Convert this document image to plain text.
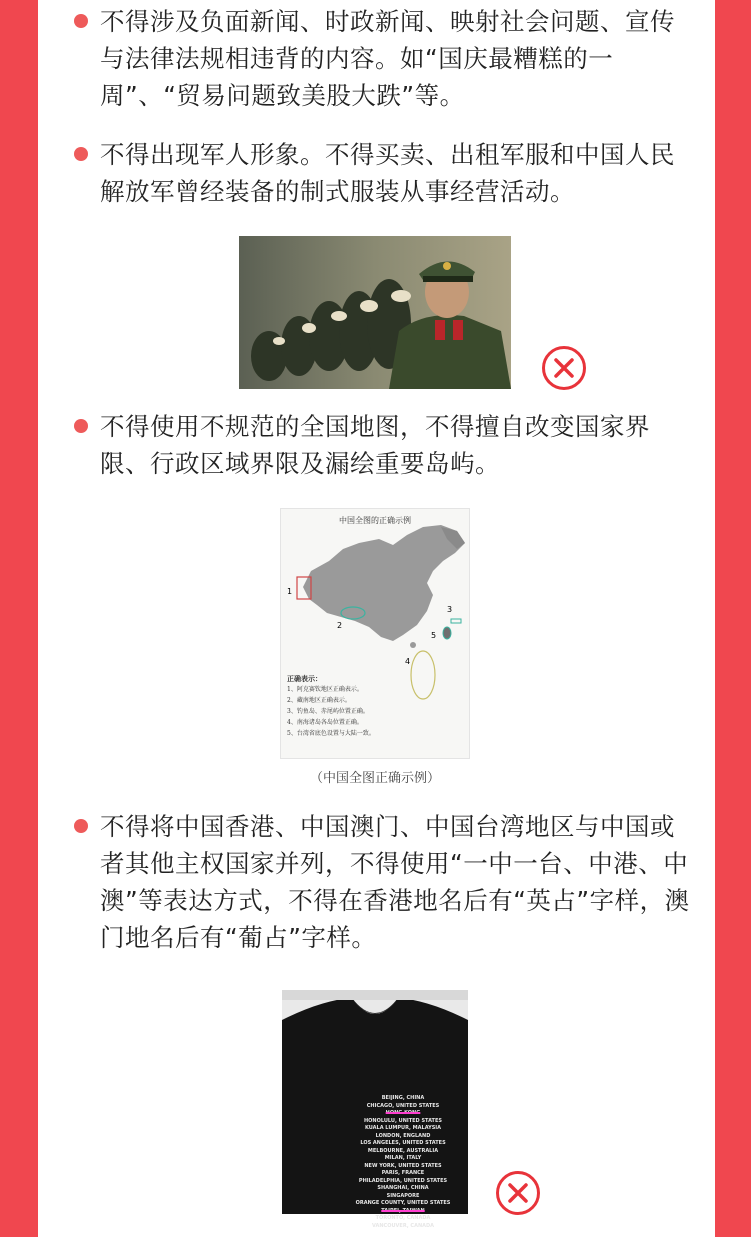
不得涉及负面新闻、时政新闻、映射社会问题、宣传与法律法规相违背的内容。如“国庆最糟糕的一周”、“贸易问题致美股大跌”等。
不得出现军人形象。不得买卖、出租军服和中国人民解放军曾经装备的制式服装从事经营活动。
不得使用不规范的全国地图，不得擅自改变国家界限、行政区域界限及漏绘重要岛屿。
中国全图的正确示例
1
2
3
4
5
正确表示：
1、阿克赛钦地区正确表示。
2、藏南地区正确表示。
3、钓鱼岛、赤尾屿位置正确。
4、南海诸岛各岛位置正确。
5、台湾省底色设置与大陆一致。
（中国全图正确示例）
不得将中国香港、中国澳门、中国台湾地区与中国或者其他主权国家并列，不得使用“一中一台、中港、中澳”等表达方式，不得在香港地名后有“英占”字样，澳门地名后有“葡占”字样。
BEIJING, CHINA
CHICAGO, UNITED STATES
HONG KONG
HONOLULU, UNITED STATES
KUALA LUMPUR, MALAYSIA
LONDON, ENGLAND
LOS ANGELES, UNITED STATES
MELBOURNE, AUSTRALIA
MILAN, ITALY
NEW YORK, UNITED STATES
PARIS, FRANCE
PHILADELPHIA, UNITED STATES
SHANGHAI, CHINA
SINGAPORE
ORANGE COUNTY, UNITED STATES
TAIPEI, TAIWAN
TORONTO, CANADA
VANCOUVER, CANADA
